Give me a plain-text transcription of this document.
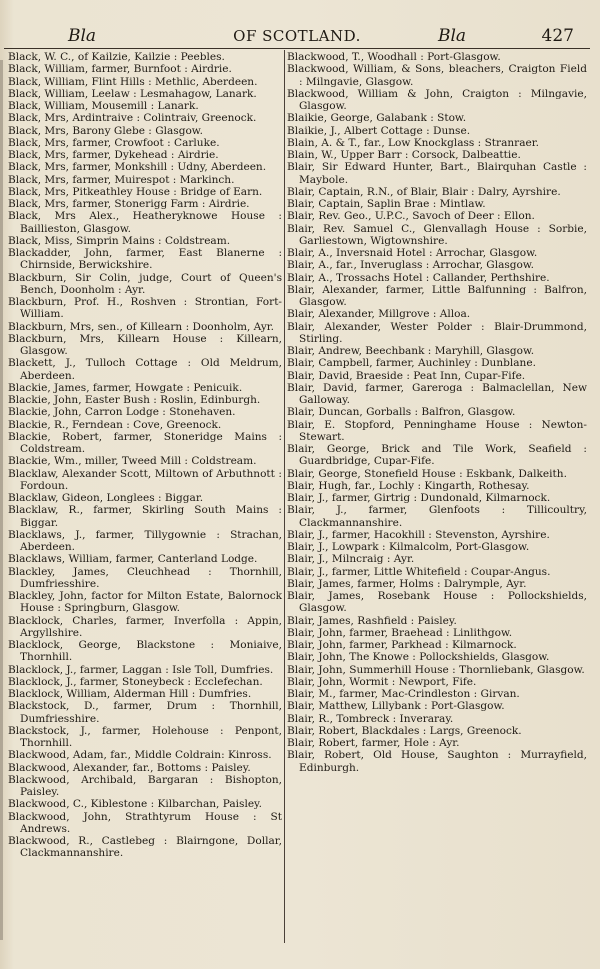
Bla	OF SCOTLAND.	Bla	427
Black, W. C., of Kailzie, Kailzie : Peebles.
Black, William, farmer, Burnfoot : Airdrie.
Black, William, Flint Hills : Methlic, Aberdeen.
Black, William, Leelaw : Lesmahagow, Lanark.
Black, William, Mousemill : Lanark.
Black, Mrs, Ardintraive : Colintraiv, Greenock.
Black, Mrs, Barony Glebe : Glasgow.
Black, Mrs, farmer, Crowfoot : Carluke.
Black, Mrs, farmer, Dykehead : Airdrie.
Black, Mrs, farmer, Monkshill : Udny, Aberdeen.
Black, Mrs, farmer, Muirespot : Markinch.
Black, Mrs, Pitkeathley House : Bridge of Earn.
Black, Mrs, farmer, Stonerigg Farm : Airdrie.
Black, Mrs Alex., Heatheryknowe House : Baillieston, Glasgow.
Black, Miss, Simprin Mains : Coldstream.
Blackadder, John, farmer, East Blanerne : Chirnside, Berwickshire.
Blackburn, Sir Colin, judge, Court of Queen's Bench, Doonholm : Ayr.
Blackburn, Prof. H., Roshven : Strontian, Fort-William.
Blackburn, Mrs, sen., of Killearn : Doonholm, Ayr.
Blackburn, Mrs, Killearn House : Killearn, Glasgow.
Blackett, J., Tulloch Cottage : Old Meldrum, Aberdeen.
Blackie, James, farmer, Howgate : Penicuik.
Blackie, John, Easter Bush : Roslin, Edinburgh.
Blackie, John, Carron Lodge : Stonehaven.
Blackie, R., Ferndean : Cove, Greenock.
Blackie, Robert, farmer, Stoneridge Mains : Coldstream.
Blackie, Wm., miller, Tweed Mill : Coldstream.
Blacklaw, Alexander Scott, Miltown of Arbuthnott : Fordoun.
Blacklaw, Gideon, Longlees : Biggar.
Blacklaw, R., farmer, Skirling South Mains : Biggar.
Blacklaws, J., farmer, Tillygownie : Strachan, Aberdeen.
Blacklaws, William, farmer, Canterland Lodge.
Blackley, James, Cleuchhead : Thornhill, Dumfriesshire.
Blackley, John, factor for Milton Estate, Balornock House : Springburn, Glasgow.
Blacklock, Charles, farmer, Inverfolla : Appin, Argyllshire.
Blacklock, George, Blackstone : Moniaive, Thornhill.
Blacklock, J., farmer, Laggan : Isle Toll, Dumfries.
Blacklock, J., farmer, Stoneybeck : Ecclefechan.
Blacklock, William, Alderman Hill : Dumfries.
Blackstock, D., farmer, Drum : Thornhill, Dumfriesshire.
Blackstock, J., farmer, Holehouse : Penpont, Thornhill.
Blackwood, Adam, far., Middle Coldrain: Kinross.
Blackwood, Alexander, far., Bottoms : Paisley.
Blackwood, Archibald, Bargaran : Bishopton, Paisley.
Blackwood, C., Kiblestone : Kilbarchan, Paisley.
Blackwood, John, Strathtyrum House : St Andrews.
Blackwood, R., Castlebeg : Blairngone, Dollar, Clackmannanshire.
Blackwood, T., Woodhall : Port-Glasgow.
Blackwood, William, & Sons, bleachers, Craigton Field : Milngavie, Glasgow.
Blackwood, William & John, Craigton : Milngavie, Glasgow.
Blaikie, George, Galabank : Stow.
Blaikie, J., Albert Cottage : Dunse.
Blain, A. & T., far., Low Knockglass : Stranraer.
Blain, W., Upper Barr : Corsock, Dalbeattie.
Blair, Sir Edward Hunter, Bart., Blairquhan Castle : Maybole.
Blair, Captain, R.N., of Blair, Blair : Dalry, Ayrshire.
Blair, Captain, Saplin Brae : Mintlaw.
Blair, Rev. Geo., U.P.C., Savoch of Deer : Ellon.
Blair, Rev. Samuel C., Glenvallagh House : Sorbie, Garliestown, Wigtownshire.
Blair, A., Inversnaid Hotel : Arrochar, Glasgow.
Blair, A., far., Inveruglass : Arrochar, Glasgow.
Blair, A., Trossachs Hotel : Callander, Perthshire.
Blair, Alexander, farmer, Little Balfunning : Balfron, Glasgow.
Blair, Alexander, Millgrove : Alloa.
Blair, Alexander, Wester Polder : Blair-Drummond, Stirling.
Blair, Andrew, Beechbank : Maryhill, Glasgow.
Blair, Campbell, farmer, Auchinley : Dunblane.
Blair, David, Braeside : Peat Inn, Cupar-Fife.
Blair, David, farmer, Gareroga : Balmaclellan, New Galloway.
Blair, Duncan, Gorballs : Balfron, Glasgow.
Blair, E. Stopford, Penninghame House : Newton-Stewart.
Blair, George, Brick and Tile Work, Seafield : Guardbridge, Cupar-Fife.
Blair, George, Stonefield House : Eskbank, Dalkeith.
Blair, Hugh, far., Lochly : Kingarth, Rothesay.
Blair, J., farmer, Girtrig : Dundonald, Kilmarnock.
Blair, J., farmer, Glenfoots : Tillicoultry, Clackmannanshire.
Blair, J., farmer, Hacokhill : Stevenston, Ayrshire.
Blair, J., Lowpark : Kilmalcolm, Port-Glasgow.
Blair, J., Milncraig : Ayr.
Blair, J., farmer, Little Whitefield : Coupar-Angus.
Blair, James, farmer, Holms : Dalrymple, Ayr.
Blair, James, Rosebank House : Pollockshields, Glasgow.
Blair, James, Rashfield : Paisley.
Blair, John, farmer, Braehead : Linlithgow.
Blair, John, farmer, Parkhead : Kilmarnock.
Blair, John, The Knowe : Pollockshields, Glasgow.
Blair, John, Summerhill House : Thornliebank, Glasgow.
Blair, John, Wormit : Newport, Fife.
Blair, M., farmer, Mac-Crindleston : Girvan.
Blair, Matthew, Lillybank : Port-Glasgow.
Blair, R., Tombreck : Inveraray.
Blair, Robert, Blackdales : Largs, Greenock.
Blair, Robert, farmer, Hole : Ayr.
Blair, Robert, Old House, Saughton : Murrayfield, Edinburgh.
